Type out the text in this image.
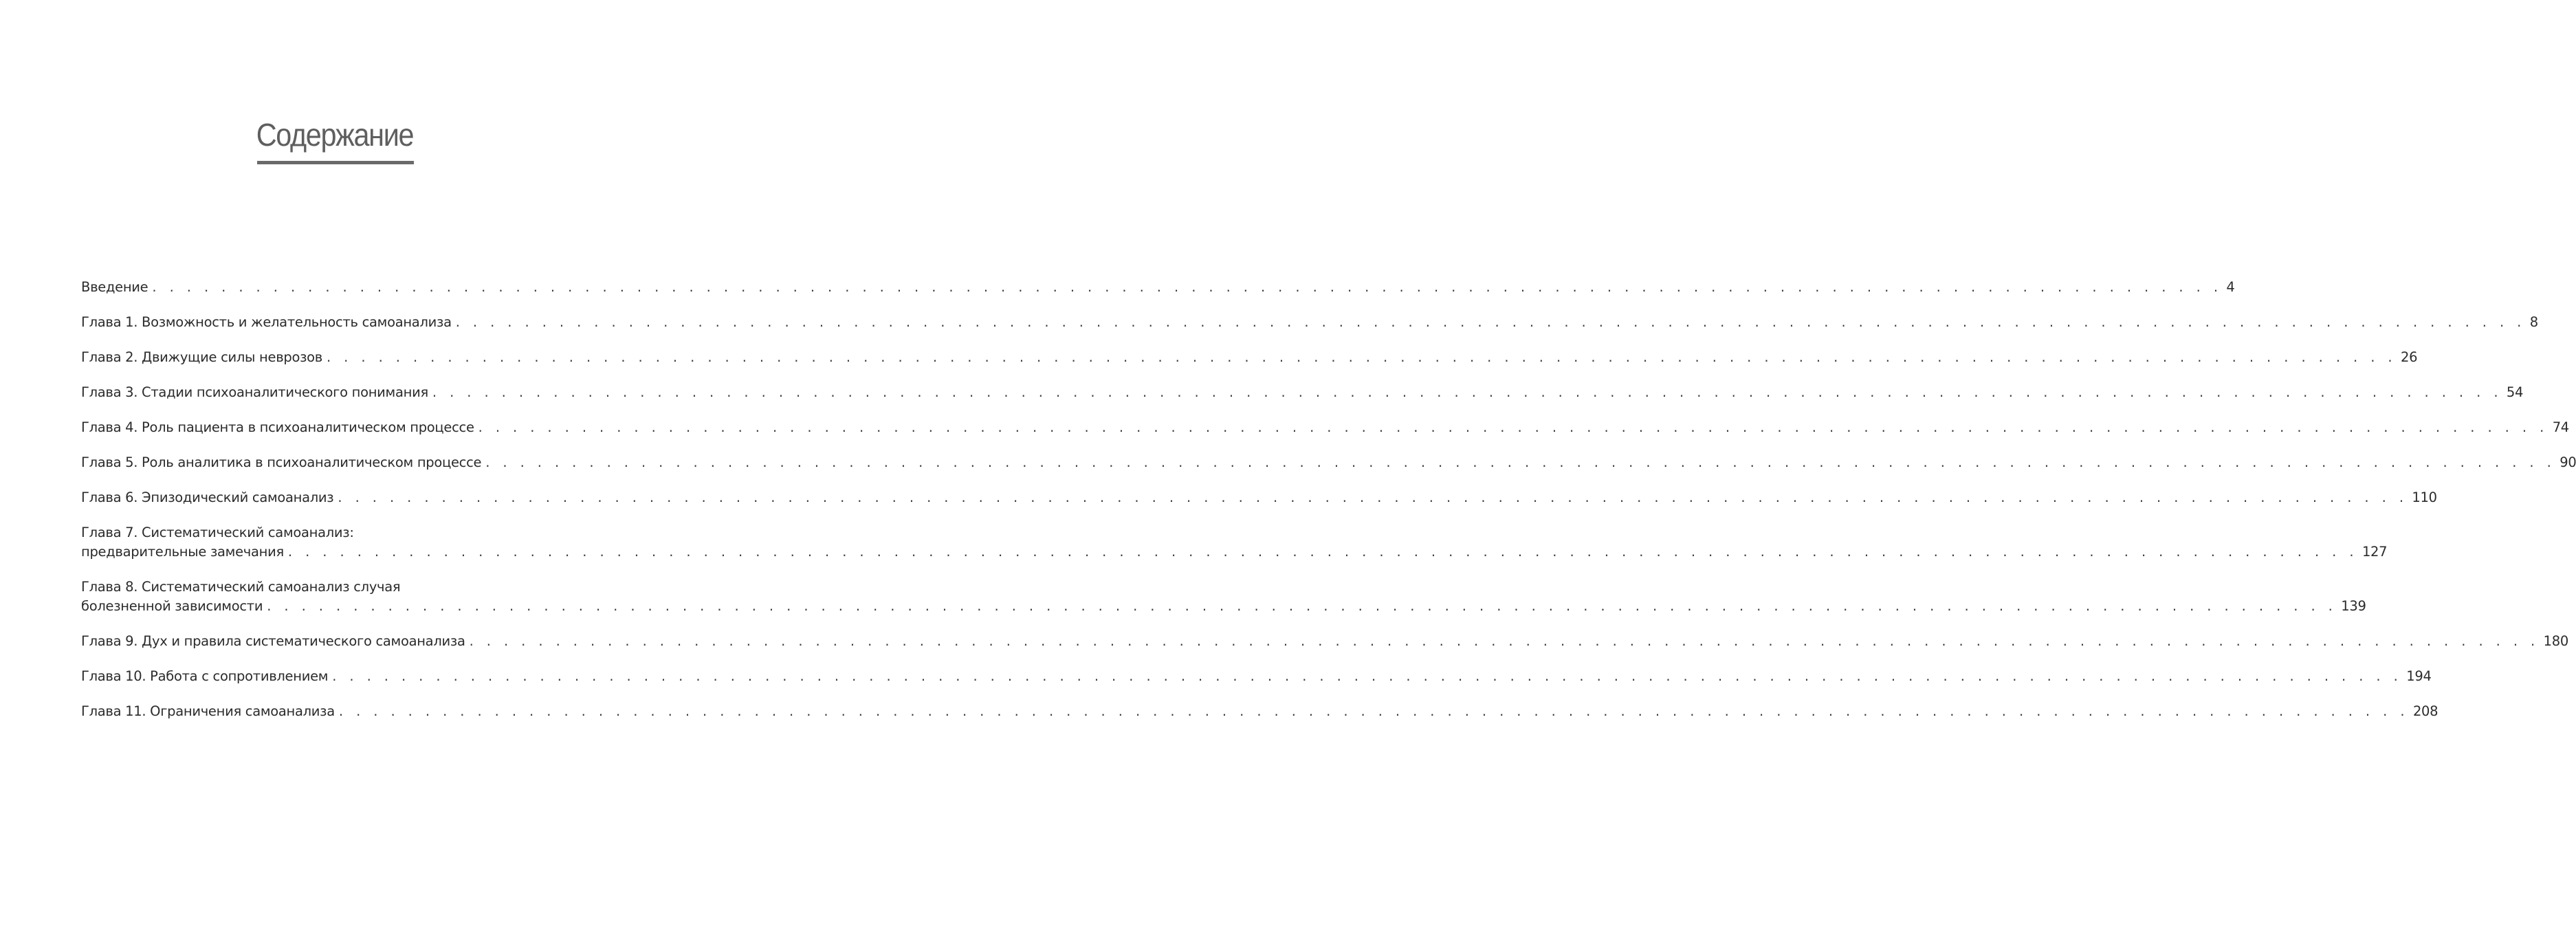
Содержание
Введение . . . . . . . . . . . . . . . . . . . . . . . . . . . . . . . . . . . . . . . . . . . . . . . . . . . . . . . . . . . . . . . . . . . . . . . . . . . . . . . . . . . . . . . . . . . . . . . . . . . . . . . . . . . . . . . . . . . . . . . . 4
Глава 1. Возможность и желательность самоанализа . . . . . . . . . . . . . . . . . . . . . . . . . . . . . . . . . . . . . . . . . . . . . . . . . . . . . . . . . . . . . . . . . . . . . . . . . . . . . . . . . . . . . . . . . . . . . . . . . . . . . . . . . . . . . . . . . . . . . . . . 8
Глава 2. Движущие силы неврозов . . . . . . . . . . . . . . . . . . . . . . . . . . . . . . . . . . . . . . . . . . . . . . . . . . . . . . . . . . . . . . . . . . . . . . . . . . . . . . . . . . . . . . . . . . . . . . . . . . . . . . . . . . . . . . . . . . . . . . . . 26
Глава 3. Стадии психоаналитического понимания . . . . . . . . . . . . . . . . . . . . . . . . . . . . . . . . . . . . . . . . . . . . . . . . . . . . . . . . . . . . . . . . . . . . . . . . . . . . . . . . . . . . . . . . . . . . . . . . . . . . . . . . . . . . . . . . . . . . . . . . 54
Глава 4. Роль пациента в психоаналитическом процессе . . . . . . . . . . . . . . . . . . . . . . . . . . . . . . . . . . . . . . . . . . . . . . . . . . . . . . . . . . . . . . . . . . . . . . . . . . . . . . . . . . . . . . . . . . . . . . . . . . . . . . . . . . . . . . . . . . . . . . . . 74
Глава 5. Роль аналитика в психоаналитическом процессе . . . . . . . . . . . . . . . . . . . . . . . . . . . . . . . . . . . . . . . . . . . . . . . . . . . . . . . . . . . . . . . . . . . . . . . . . . . . . . . . . . . . . . . . . . . . . . . . . . . . . . . . . . . . . . . . . . . . . . . . 90
Глава 6. Эпизодический самоанализ . . . . . . . . . . . . . . . . . . . . . . . . . . . . . . . . . . . . . . . . . . . . . . . . . . . . . . . . . . . . . . . . . . . . . . . . . . . . . . . . . . . . . . . . . . . . . . . . . . . . . . . . . . . . . . . . . . . . . . . . 110
Глава 7. Систематический самоанализ:
предварительные замечания . . . . . . . . . . . . . . . . . . . . . . . . . . . . . . . . . . . . . . . . . . . . . . . . . . . . . . . . . . . . . . . . . . . . . . . . . . . . . . . . . . . . . . . . . . . . . . . . . . . . . . . . . . . . . . . . . . . . . . . . 127
Глава 8. Систематический самоанализ случая
болезненной зависимости . . . . . . . . . . . . . . . . . . . . . . . . . . . . . . . . . . . . . . . . . . . . . . . . . . . . . . . . . . . . . . . . . . . . . . . . . . . . . . . . . . . . . . . . . . . . . . . . . . . . . . . . . . . . . . . . . . . . . . . . 139
Глава 9. Дух и правила систематического самоанализа . . . . . . . . . . . . . . . . . . . . . . . . . . . . . . . . . . . . . . . . . . . . . . . . . . . . . . . . . . . . . . . . . . . . . . . . . . . . . . . . . . . . . . . . . . . . . . . . . . . . . . . . . . . . . . . . . . . . . . . . 180
Глава 10. Работа с сопротивлением . . . . . . . . . . . . . . . . . . . . . . . . . . . . . . . . . . . . . . . . . . . . . . . . . . . . . . . . . . . . . . . . . . . . . . . . . . . . . . . . . . . . . . . . . . . . . . . . . . . . . . . . . . . . . . . . . . . . . . . . 194
Глава 11. Ограничения самоанализа . . . . . . . . . . . . . . . . . . . . . . . . . . . . . . . . . . . . . . . . . . . . . . . . . . . . . . . . . . . . . . . . . . . . . . . . . . . . . . . . . . . . . . . . . . . . . . . . . . . . . . . . . . . . . . . . . . . . . . . . 208
